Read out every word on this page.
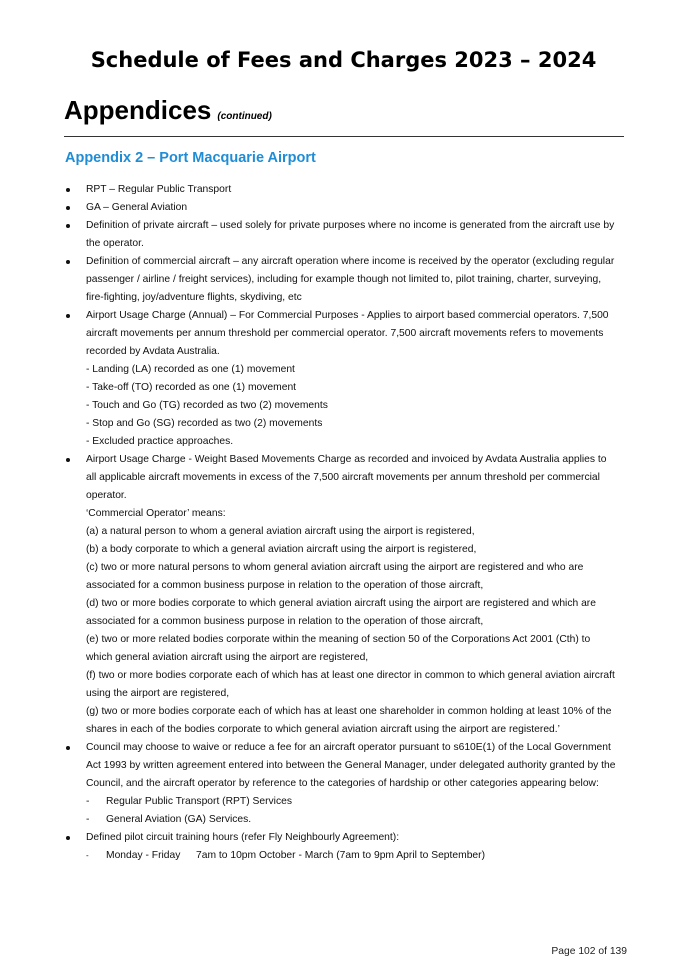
Schedule of Fees and Charges 2023 – 2024
Appendices (continued)
Appendix 2 – Port Macquarie Airport
RPT – Regular Public Transport
GA – General Aviation
Definition of private aircraft – used solely for private purposes where no income is generated from the aircraft use by
the operator.
Definition of commercial aircraft – any aircraft operation where income is received by the operator (excluding regular
passenger / airline / freight services), including for example though not limited to, pilot training, charter, surveying,
fire-fighting, joy/adventure flights, skydiving, etc
Airport Usage Charge (Annual) – For Commercial Purposes - Applies to airport based commercial operators. 7,500
aircraft movements per annum threshold per commercial operator. 7,500 aircraft movements refers to movements
recorded by Avdata Australia.
- Landing (LA) recorded as one (1) movement
- Take-off (TO) recorded as one (1) movement
- Touch and Go (TG) recorded as two (2) movements
- Stop and Go (SG) recorded as two (2) movements
- Excluded practice approaches.
Airport Usage Charge - Weight Based Movements Charge as recorded and invoiced by Avdata Australia applies to
all applicable aircraft movements in excess of the 7,500 aircraft movements per annum threshold per commercial
operator.
‘Commercial Operator’ means:
(a) a natural person to whom a general aviation aircraft using the airport is registered,
(b) a body corporate to which a general aviation aircraft using the airport is registered,
(c) two or more natural persons to whom general aviation aircraft using the airport are registered and who are
associated for a common business purpose in relation to the operation of those aircraft,
(d) two or more bodies corporate to which general aviation aircraft using the airport are registered and which are
associated for a common business purpose in relation to the operation of those aircraft,
(e) two or more related bodies corporate within the meaning of section 50 of the Corporations Act 2001 (Cth) to
which general aviation aircraft using the airport are registered,
(f) two or more bodies corporate each of which has at least one director in common to which general aviation aircraft
using the airport are registered,
(g) two or more bodies corporate each of which has at least one shareholder in common holding at least 10% of the
shares in each of the bodies corporate to which general aviation aircraft using the airport are registered.’
Council may choose to waive or reduce a fee for an aircraft operator pursuant to s610E(1) of the Local Government
Act 1993 by written agreement entered into between the General Manager, under delegated authority granted by the
Council, and the aircraft operator by reference to the categories of hardship or other categories appearing below:
- Regular Public Transport (RPT) Services
- General Aviation (GA) Services.
Defined pilot circuit training hours (refer Fly Neighbourly Agreement):
- Monday - Friday 7am to 10pm October - March (7am to 9pm April to September)
Page 102 of 139
